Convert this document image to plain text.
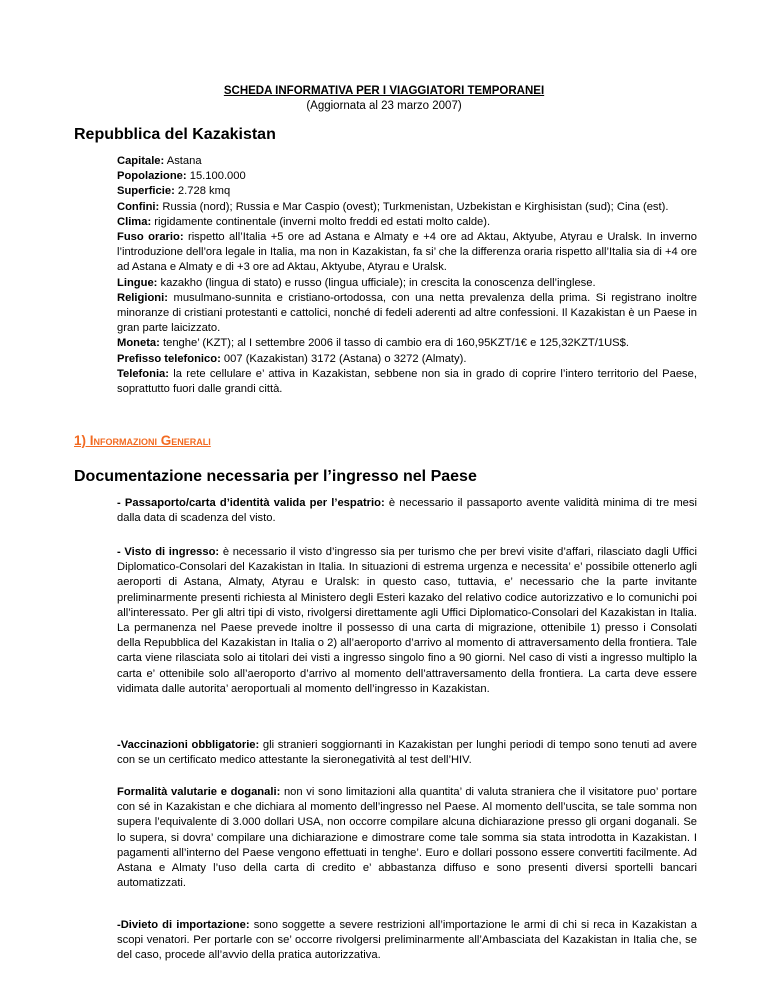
SCHEDA INFORMATIVA PER I VIAGGIATORI TEMPORANEI
(Aggiornata al 23 marzo 2007)
Repubblica del Kazakistan

Capitale: Astana

Popolazione: 15.100.000

Superficie: 2.728 kmq

Confini: Russia (nord); Russia e Mar Caspio (ovest); Turkmenistan, Uzbekistan e Kirghisistan (sud); Cina (est).

Clima: rigidamente continentale (inverni molto freddi ed estati molto calde).

Fuso orario: rispetto all’Italia +5 ore ad Astana e Almaty e +4 ore ad Aktau, Aktyube, Atyrau e Uralsk. In inverno l’introduzione dell’ora legale in Italia, ma non in Kazakistan, fa si’ che la differenza oraria rispetto all’Italia sia di +4 ore ad Astana e Almaty e di +3 ore ad Aktau, Aktyube, Atyrau e Uralsk.

Lingue: kazakho (lingua di stato) e russo (lingua ufficiale); in crescita la conoscenza dell’inglese.

Religioni: musulmano-sunnita e cristiano-ortodossa, con una netta prevalenza della prima. Si registrano inoltre minoranze di cristiani protestanti e cattolici, nonché di fedeli aderenti ad altre confessioni. Il Kazakistan è un Paese in gran parte laicizzato.

Moneta: tenghe’ (KZT); al I settembre 2006 il tasso di cambio era di 160,95KZT/1€ e 125,32KZT/1US$.

Prefisso telefonico: 007 (Kazakistan) 3172 (Astana) o 3272 (Almaty).

Telefonia: la rete cellulare e’ attiva in Kazakistan, sebbene non sia in grado di coprire l’intero territorio del Paese, soprattutto fuori dalle grandi città.

1) Informazioni Generali
Documentazione necessaria per l’ingresso nel Paese

- Passaporto/carta d’identità valida per l’espatrio: è necessario il passaporto avente validità minima di tre mesi dalla data di scadenza del visto.

- Visto di ingresso: è necessario il visto d’ingresso sia per turismo che per brevi visite d’affari, rilasciato dagli Uffici Diplomatico-Consolari del Kazakistan in Italia. In situazioni di estrema urgenza e necessita’ e’ possibile ottenerlo agli aeroporti di Astana, Almaty, Atyrau e Uralsk: in questo caso, tuttavia, e’ necessario che la parte invitante preliminarmente presenti richiesta al Ministero degli Esteri kazako del relativo codice autorizzativo e lo comunichi poi all’interessato. Per gli altri tipi di visto, rivolgersi direttamente agli Uffici Diplomatico-Consolari del Kazakistan in Italia. La permanenza nel Paese prevede inoltre il possesso di una carta di migrazione, ottenibile 1) presso i Consolati della Repubblica del Kazakistan in Italia o 2) all’aeroporto d’arrivo al momento di attraversamento della frontiera. Tale carta viene rilasciata solo ai titolari dei visti a ingresso singolo fino a 90 giorni. Nel caso di visti a ingresso multiplo la carta e’ ottenibile solo all’aeroporto d’arrivo al momento dell’attraversamento della frontiera. La carta deve essere vidimata dalle autorita’ aeroportuali al momento dell’ingresso in Kazakistan.

-Vaccinazioni obbligatorie: gli stranieri soggiornanti in Kazakistan per lunghi periodi di tempo sono tenuti ad avere con se un certificato medico attestante la sieronegatività al test dell’HIV.

Formalità valutarie e doganali: non vi sono limitazioni alla quantita’ di valuta straniera che il visitatore puo’ portare con sé in Kazakistan e che dichiara al momento dell’ingresso nel Paese. Al momento dell’uscita, se tale somma non supera l’equivalente di 3.000 dollari USA, non occorre compilare alcuna dichiarazione presso gli organi doganali. Se lo supera, si dovra’ compilare una dichiarazione e dimostrare come tale somma sia stata introdotta in Kazakistan. I pagamenti all’interno del Paese vengono effettuati in tenghe’. Euro e dollari possono essere convertiti facilmente. Ad Astana e Almaty l’uso della carta di credito e’ abbastanza diffuso e sono presenti diversi sportelli bancari automatizzati.

-Divieto di importazione: sono soggette a severe restrizioni all’importazione le armi di chi si reca in Kazakistan a scopi venatori. Per portarle con se’ occorre rivolgersi preliminarmente all’Ambasciata del Kazakistan in Italia che, se del caso, procede all’avvio della pratica autorizzativa.
